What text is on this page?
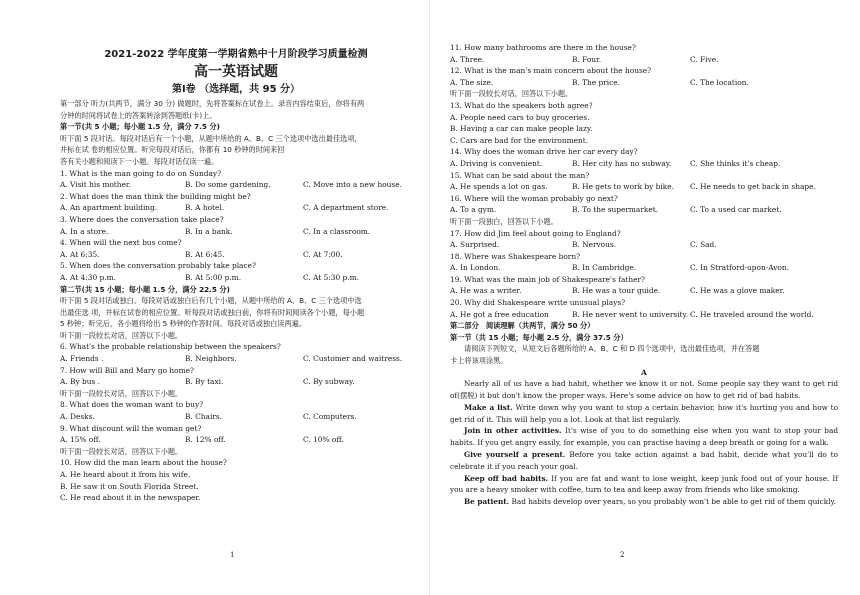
2021-2022 学年度第一学期省熟中十月阶段学习质量检测
高一英语试题
第Ⅰ卷 （选择题，共 95 分）
第一部分 听力(共两节，满分 30 分) 做题时，先将答案标在试卷上。录音内容结束后，你将有两
分钟的时间将试卷上的答案转涂到答题纸(卡)上。
第一节(共 5 小题；每小题 1.5 分，满分 7.5 分)
听下面 5 段对话。每段对话后有一个小题，从题中所给的 A、B、C 三个选项中选出最佳选项，
并标在试 卷的相应位置。听完每段对话后，你都有 10 秒钟的时间来回
答有关小题和阅读下一小题。每段对话仅读一遍。
1. What is the man going to do on Sunday?
A. Visit his mother.	B. Do some gardening.	C. Move into a new house.
2. What does the man think the building might be?
A. An apartment building.	B. A hotel.	C. A department store.
3. Where does the conversation take place?
A. In a store.	B. In a bank.	C. In a classroom.
4. When will the next bus come?
A. At 6:35.	B. At 6:45.	C. At 7:00.
5. When does the conversation probably take place?
A. At 4:30 p.m.	B. At 5:00 p.m.	C. At 5:30 p.m.
第二节(共 15 小题；每小题 1.5 分，满分 22.5 分)
听下面 5 段对话或独白。每段对话或独白后有几个小题，从题中所给的 A、B、C 三个选项中选
出最佳选 项，并标在试卷的相应位置。听每段对话或独白前，你将有时间阅读各个小题，每小题
5 秒钟；听完后，各小题将给出 5 秒钟的作答时间。每段对话或独白读两遍。
听下面一段较长对话，回答以下小题。
6. What's the probable relationship between the speakers?
A. Friends .	B. Neighbors.	C. Customer and waitress.
7. How will Bill and Mary go home?
A. By bus .	B. By taxi.	C. By subway.
听下面一段较长对话，回答以下小题。
8. What does the woman want to buy?
A. Desks.	B. Chairs.	C. Computers.
9. What discount will the woman get?
A. 15% off.	B. 12% off.	C. 10% off.
听下面一段较长对话，回答以下小题。
10. How did the man learn about the house?
A. He heard about it from his wife.
B. He saw it on South Florida Street.
C. He read about it in the newspaper.
1
11. How many bathrooms are there in the house?
A. Three.	B. Four.	C. Five.
12. What is the man's main concern about the house?
A. The size.	B. The price.	C. The location.
听下面一段较长对话，回答以下小题。
13. What do the speakers both agree?
A. People need cars to buy groceries.
B. Having a car can make people lazy.
C. Cars are bad for the environment.
14. Why does the woman drive her car every day?
A. Driving is convenient.	B. Her city has no subway.	C. She thinks it's cheap.
15. What can be said about the man?
A. He spends a lot on gas.	B. He gets to work by bike.	C. He needs to get back in shape.
16. Where will the woman probably go next?
A. To a gym.	B. To the supermarket.	C. To a used car market.
听下面一段独白，回答以下小题。
17. How did Jim feel about going to England?
A. Surprised.	B. Nervous.	C. Sad.
18. Where was Shakespeare born?
A. In London.	B. In Cambridge.	C. In Stratford-upon-Avon.
19. What was the main job of Shakespeare's father?
A. He was a writer.	B. He was a tour guide.	C. He was a glove maker.
20. Why did Shakespeare write unusual plays?
A. He got a free education	B. He never went to university. C. He traveled around the world.
第二部分　阅读理解（共两节，满分 50 分）
第一节（共 15 小题；每小题 2.5 分，满分 37.5 分）
请阅读下列短文，从短文后各题所给的 A、B、C 和 D 四个选项中，选出最佳选项，并在答题
卡上将该项涂黑。
A
Nearly all of us have a bad habit, whether we know it or not. Some people say they want to get rid of(摆脱) it but don't know the proper ways. Here's some advice on how to get rid of bad habits.
Make a list. Write down why you want to stop a certain behavior, how it's hurting you and how to get rid of it. This will help you a lot. Look at that list regularly.
Join in other activities. It's wise of you to do something else when you want to stop your bad habits. If you get angry easily, for example, you can practise having a deep breath or going for a walk.
Give yourself a present. Before you take action against a bad habit, decide what you'll do to celebrate it if you reach your goal.
Keep off bad habits. If you are fat and want to lose weight, keep junk food out of your house. If you are a heavy smoker with coffee, turn to tea and keep away from friends who like smoking.
Be patient. Bad habits develop over years, so you probably won't be able to get rid of them quickly.
2
